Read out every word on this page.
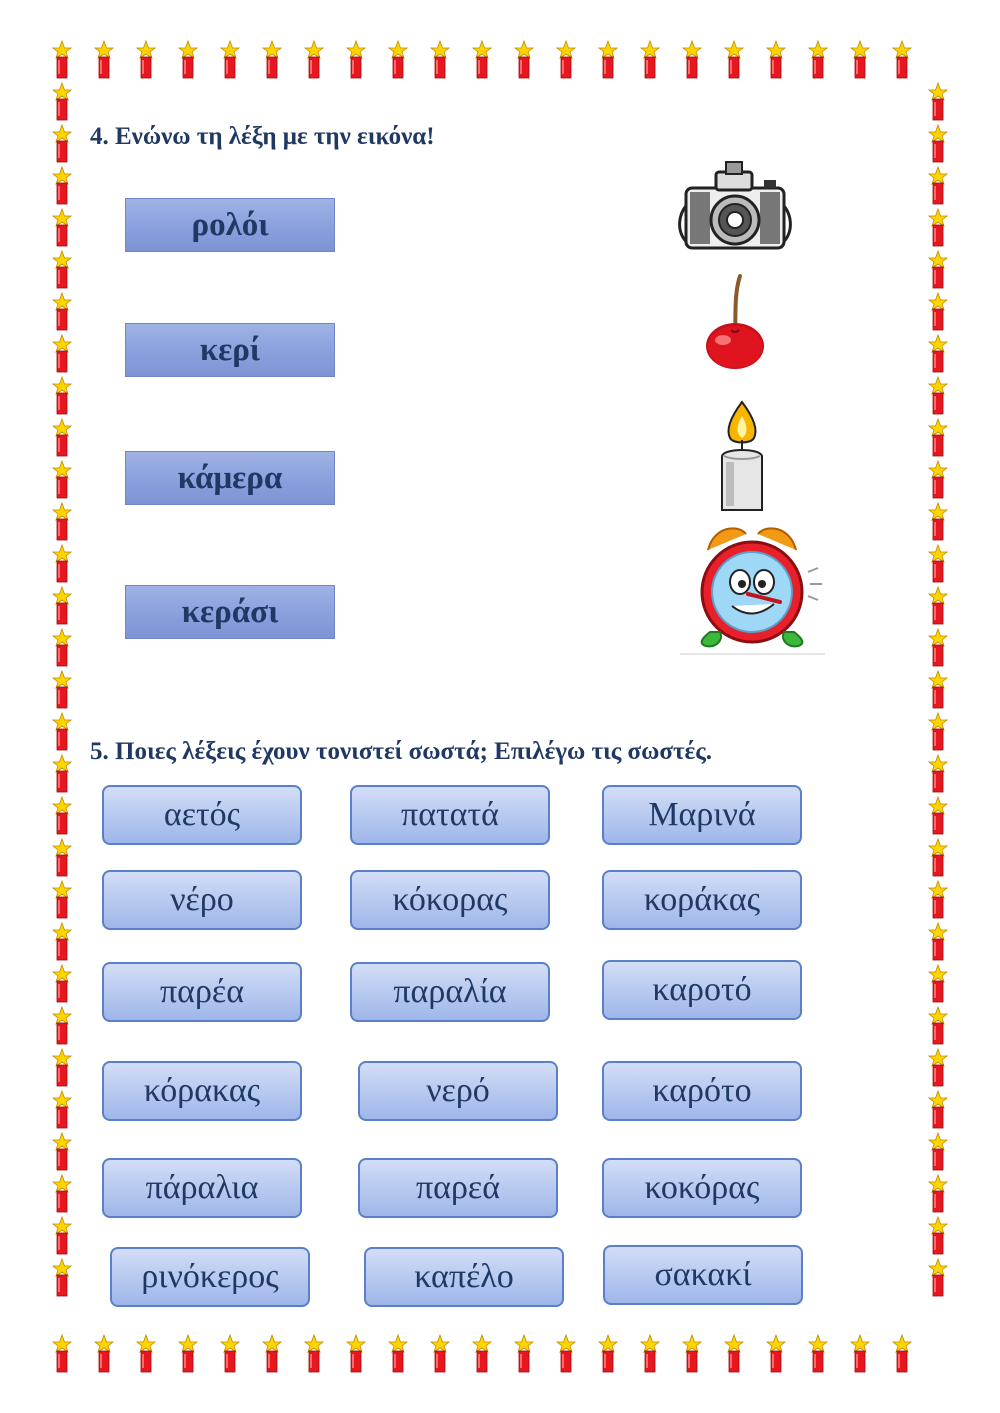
4. Ενώνω τη λέξη με την εικόνα!
ρολόι
κερί
κάμερα
κεράσι
5. Ποιες λέξεις έχουν τονιστεί σωστά; Επιλέγω τις σωστές.
αετός	πατατά	Μαρινά
νέρο	κόκορας	κοράκας
παρέα	παραλία	καροτό
κόρακας	νερό	καρότο
πάραλια	παρεά	κοκόρας
ρινόκερος	καπέλο	σακακί
